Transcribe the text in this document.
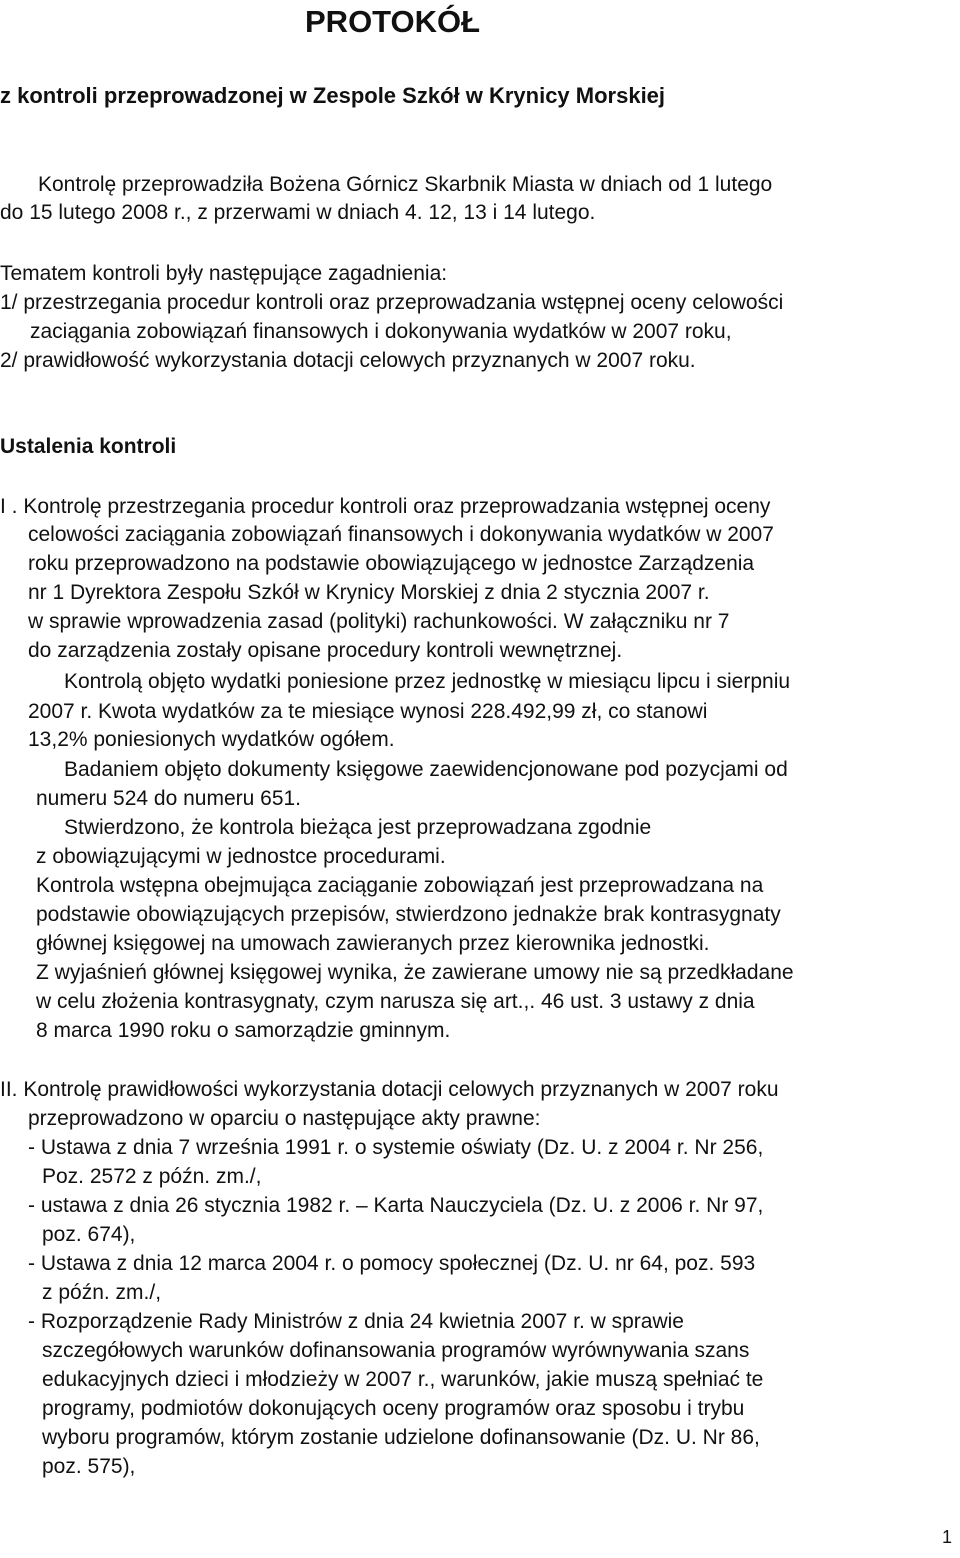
PROTOKÓŁ
z kontroli przeprowadzonej w Zespole Szkół w Krynicy Morskiej
Kontrolę przeprowadziła Bożena Górnicz Skarbnik Miasta w dniach od 1 lutego
do 15 lutego 2008 r., z przerwami w dniach 4. 12, 13 i 14 lutego.
Tematem kontroli były następujące zagadnienia:
1/ przestrzegania procedur kontroli oraz przeprowadzania wstępnej oceny celowości
zaciągania zobowiązań finansowych i dokonywania wydatków w 2007 roku,
2/ prawidłowość wykorzystania dotacji celowych przyznanych w 2007 roku.
Ustalenia kontroli
I . Kontrolę przestrzegania procedur kontroli oraz przeprowadzania wstępnej oceny
celowości zaciągania zobowiązań finansowych i dokonywania wydatków w 2007
roku przeprowadzono na podstawie obowiązującego w jednostce Zarządzenia
nr 1 Dyrektora Zespołu Szkół w Krynicy Morskiej z dnia 2 stycznia 2007 r.
w sprawie wprowadzenia zasad (polityki) rachunkowości. W załączniku nr 7
do zarządzenia zostały opisane procedury kontroli wewnętrznej.
Kontrolą objęto wydatki poniesione przez jednostkę w miesiącu lipcu i sierpniu
2007 r. Kwota wydatków za te miesiące wynosi 228.492,99 zł, co stanowi
13,2% poniesionych wydatków ogółem.
Badaniem objęto dokumenty księgowe zaewidencjonowane pod pozycjami od
numeru 524 do numeru 651.
Stwierdzono, że kontrola bieżąca jest przeprowadzana zgodnie
z obowiązującymi w jednostce procedurami.
Kontrola wstępna obejmująca zaciąganie zobowiązań jest przeprowadzana na
podstawie obowiązujących przepisów, stwierdzono jednakże brak kontrasygnaty
głównej księgowej na umowach zawieranych przez kierownika jednostki.
Z wyjaśnień głównej księgowej wynika, że zawierane umowy nie są przedkładane
w celu złożenia kontrasygnaty, czym narusza się art.,. 46 ust. 3 ustawy z dnia
8 marca 1990 roku o samorządzie gminnym.
II. Kontrolę prawidłowości wykorzystania dotacji celowych przyznanych w 2007 roku
przeprowadzono w oparciu o następujące akty prawne:
- Ustawa z dnia 7 września 1991 r. o systemie oświaty (Dz. U. z 2004 r. Nr 256,
Poz. 2572 z późn. zm./,
- ustawa z dnia 26 stycznia 1982 r. – Karta Nauczyciela (Dz. U. z 2006 r. Nr 97,
poz. 674),
- Ustawa z dnia 12 marca 2004 r. o pomocy społecznej (Dz. U. nr 64, poz. 593
z późn. zm./,
- Rozporządzenie Rady Ministrów z dnia 24 kwietnia 2007 r. w sprawie
szczegółowych warunków dofinansowania programów wyrównywania szans
edukacyjnych dzieci i młodzieży w 2007 r., warunków, jakie muszą spełniać te
programy, podmiotów dokonujących oceny programów oraz sposobu i trybu
wyboru programów, którym zostanie udzielone dofinansowanie (Dz. U. Nr 86,
poz. 575),
1
